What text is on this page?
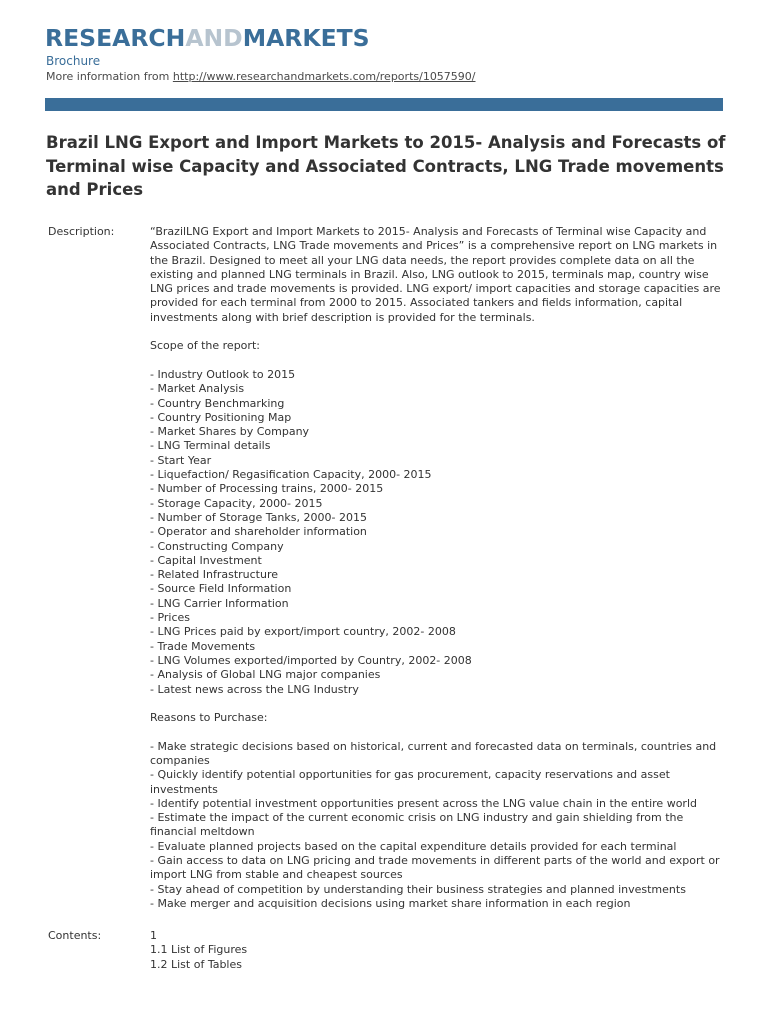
RESEARCHANDMARKETS
Brochure
More information from http://www.researchandmarkets.com/reports/1057590/
Brazil LNG Export and Import Markets to 2015- Analysis and Forecasts of Terminal wise Capacity and Associated Contracts, LNG Trade movements and Prices
Description:	“BrazilLNG Export and Import Markets to 2015- Analysis and Forecasts of Terminal wise Capacity and Associated Contracts, LNG Trade movements and Prices” is a comprehensive report on LNG markets in the Brazil. Designed to meet all your LNG data needs, the report provides complete data on all the existing and planned LNG terminals in Brazil. Also, LNG outlook to 2015, terminals map, country wise LNG prices and trade movements is provided. LNG export/ import capacities and storage capacities are provided for each terminal from 2000 to 2015. Associated tankers and fields information, capital investments along with brief description is provided for the terminals.

Scope of the report:

- Industry Outlook to 2015
- Market Analysis
- Country Benchmarking
- Country Positioning Map
- Market Shares by Company
- LNG Terminal details
- Start Year
- Liquefaction/ Regasification Capacity, 2000- 2015
- Number of Processing trains, 2000- 2015
- Storage Capacity, 2000- 2015
- Number of Storage Tanks, 2000- 2015
- Operator and shareholder information
- Constructing Company
- Capital Investment
- Related Infrastructure
- Source Field Information
- LNG Carrier Information
- Prices
- LNG Prices paid by export/import country, 2002- 2008
- Trade Movements
- LNG Volumes exported/imported by Country, 2002- 2008
- Analysis of Global LNG major companies
- Latest news across the LNG Industry

Reasons to Purchase:

- Make strategic decisions based on historical, current and forecasted data on terminals, countries and companies
- Quickly identify potential opportunities for gas procurement, capacity reservations and asset investments
- Identify potential investment opportunities present across the LNG value chain in the entire world
- Estimate the impact of the current economic crisis on LNG industry and gain shielding from the financial meltdown
- Evaluate planned projects based on the capital expenditure details provided for each terminal
- Gain access to data on LNG pricing and trade movements in different parts of the world and export or import LNG from stable and cheapest sources
- Stay ahead of competition by understanding their business strategies and planned investments
- Make merger and acquisition decisions using market share information in each region
Contents:	1
1.1 List of Figures
1.2 List of Tables
